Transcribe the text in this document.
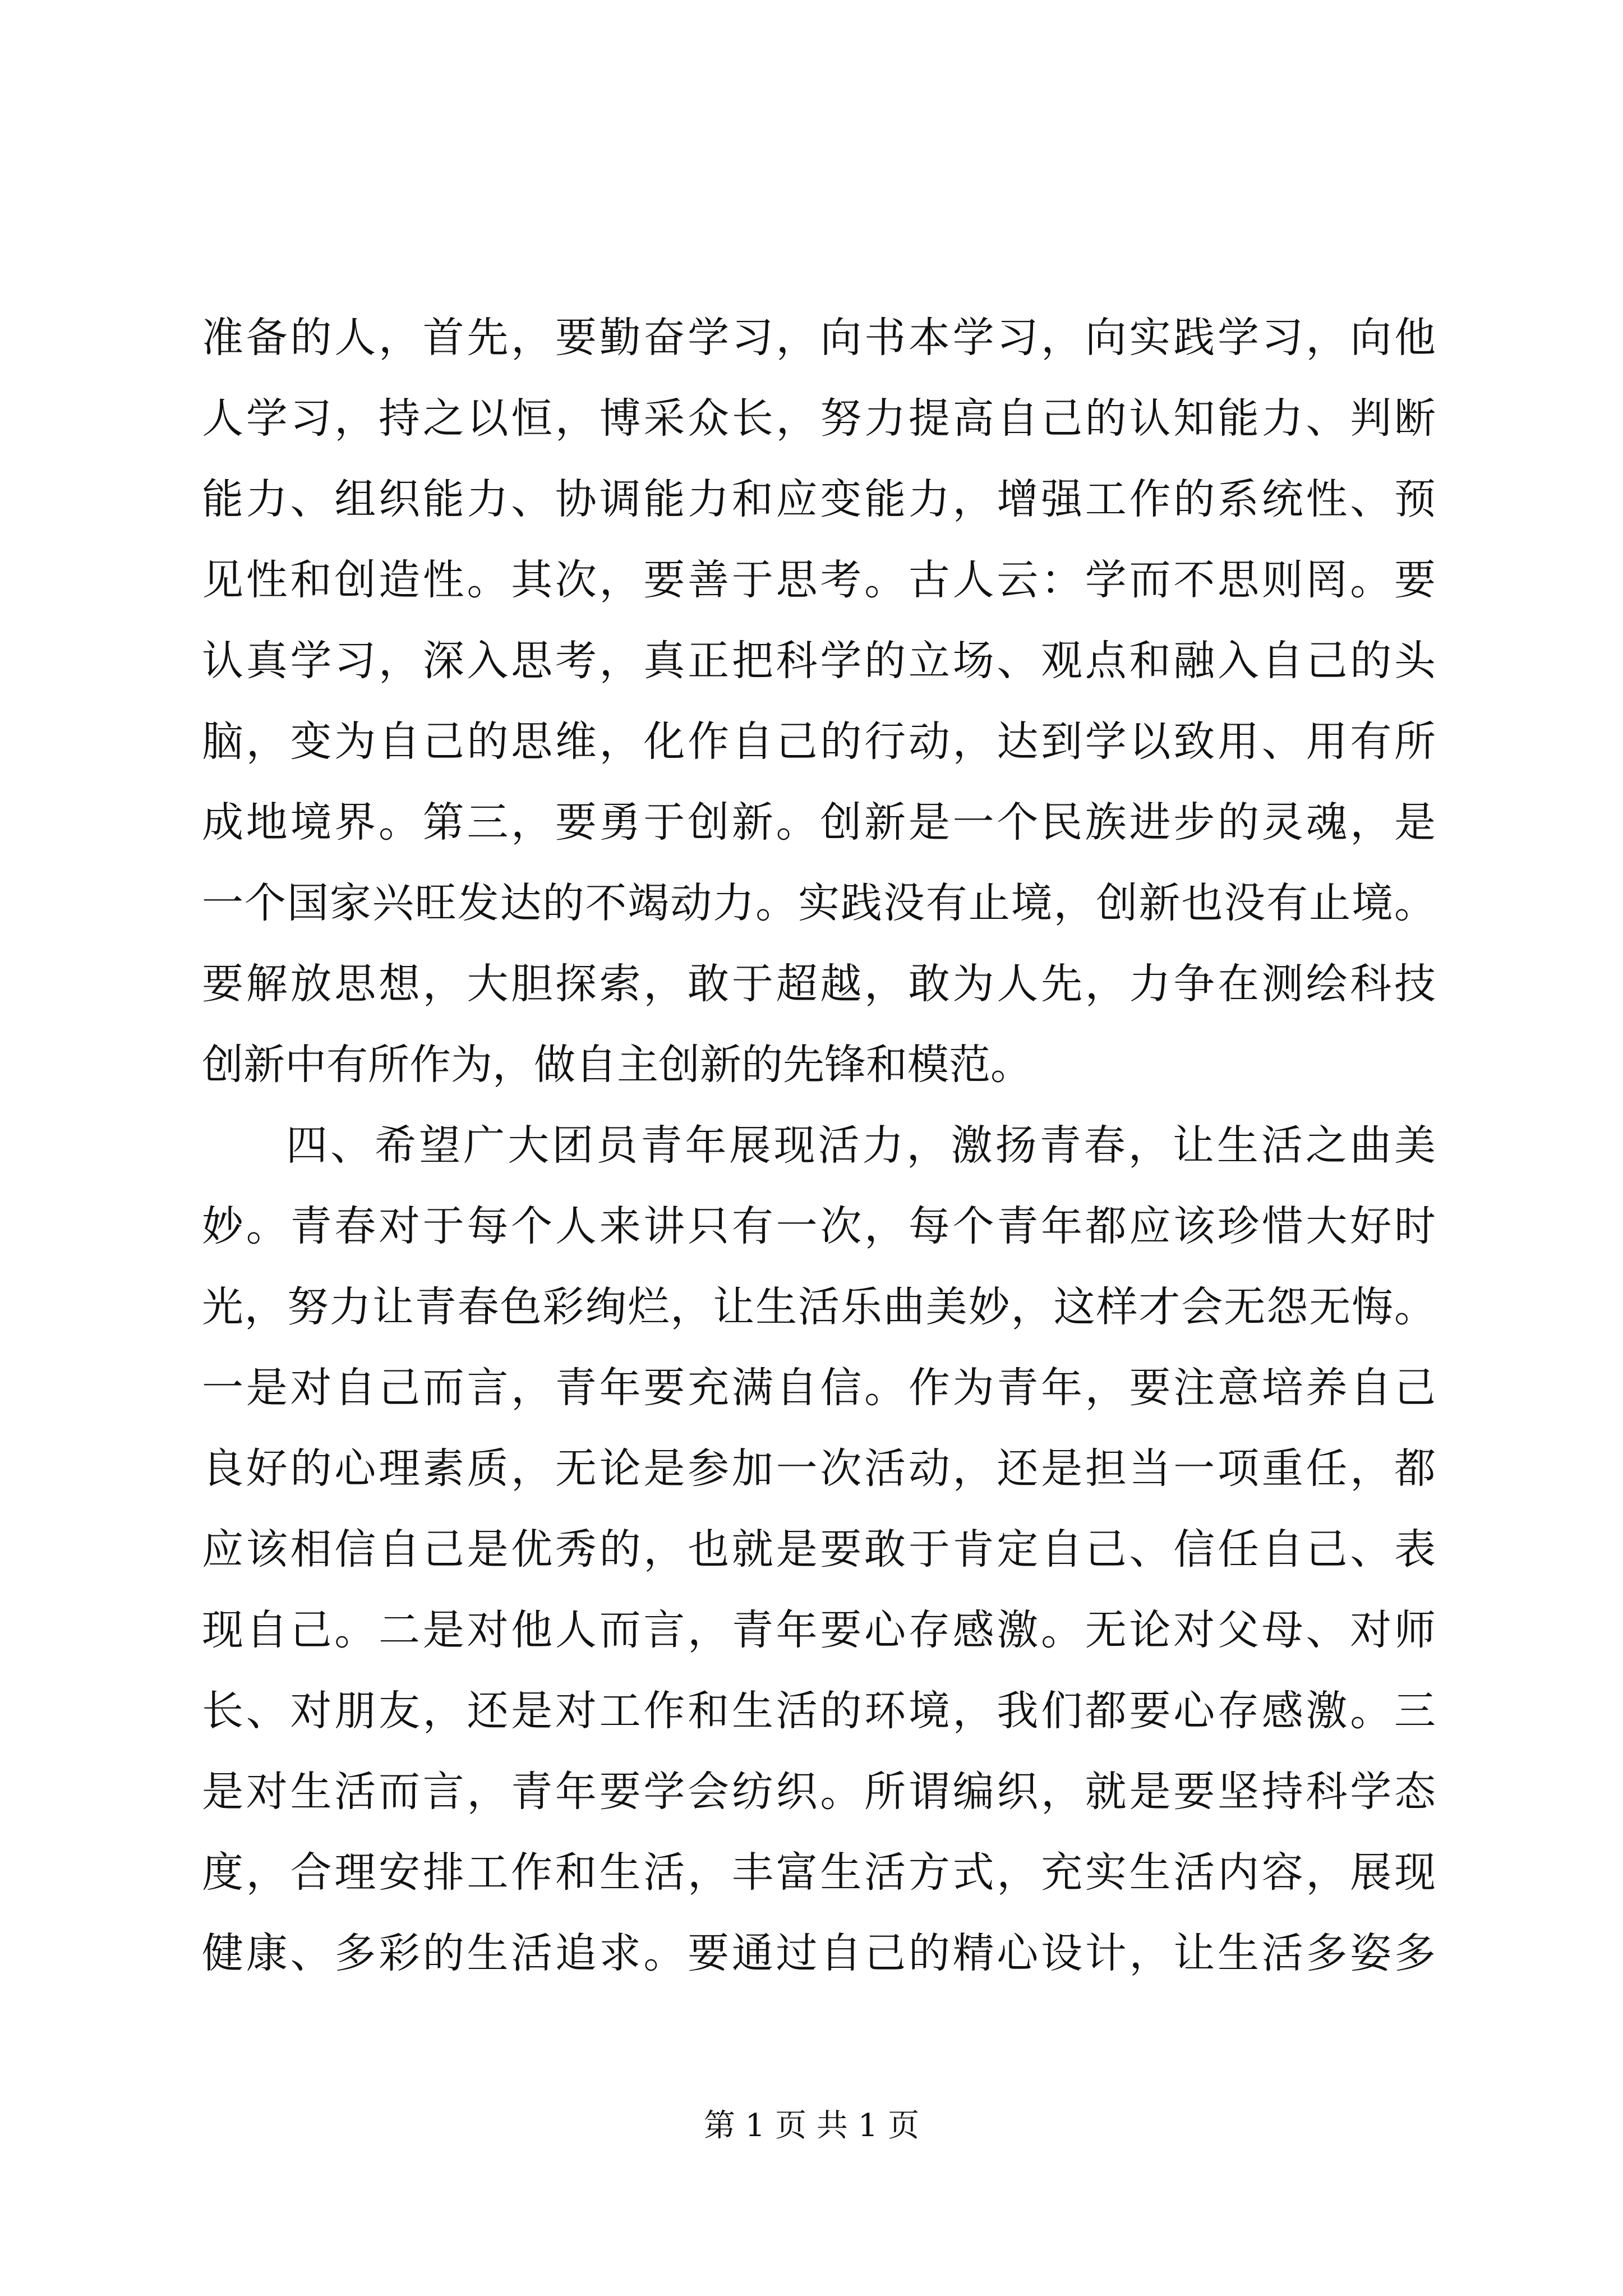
准备的人，首先，要勤奋学习，向书本学习，向实践学习，向他
人学习，持之以恒，博采众长，努力提高自己的认知能力、判断
能力、组织能力、协调能力和应变能力，增强工作的系统性、预
见性和创造性。其次，要善于思考。古人云：学而不思则罔。要
认真学习，深入思考，真正把科学的立场、观点和融入自己的头
脑，变为自己的思维，化作自己的行动，达到学以致用、用有所
成地境界。第三，要勇于创新。创新是一个民族进步的灵魂，是
一个国家兴旺发达的不竭动力。实践没有止境，创新也没有止境。
要解放思想，大胆探索，敢于超越，敢为人先，力争在测绘科技
创新中有所作为，做自主创新的先锋和模范。
四、希望广大团员青年展现活力，激扬青春，让生活之曲美
妙。青春对于每个人来讲只有一次，每个青年都应该珍惜大好时
光，努力让青春色彩绚烂，让生活乐曲美妙，这样才会无怨无悔。
一是对自己而言，青年要充满自信。作为青年，要注意培养自己
良好的心理素质，无论是参加一次活动，还是担当一项重任，都
应该相信自己是优秀的，也就是要敢于肯定自己、信任自己、表
现自己。二是对他人而言，青年要心存感激。无论对父母、对师
长、对朋友，还是对工作和生活的环境，我们都要心存感激。三
是对生活而言，青年要学会纺织。所谓编织，就是要坚持科学态
度，合理安排工作和生活，丰富生活方式，充实生活内容，展现
健康、多彩的生活追求。要通过自己的精心设计，让生活多姿多
第 1 页 共 1 页
